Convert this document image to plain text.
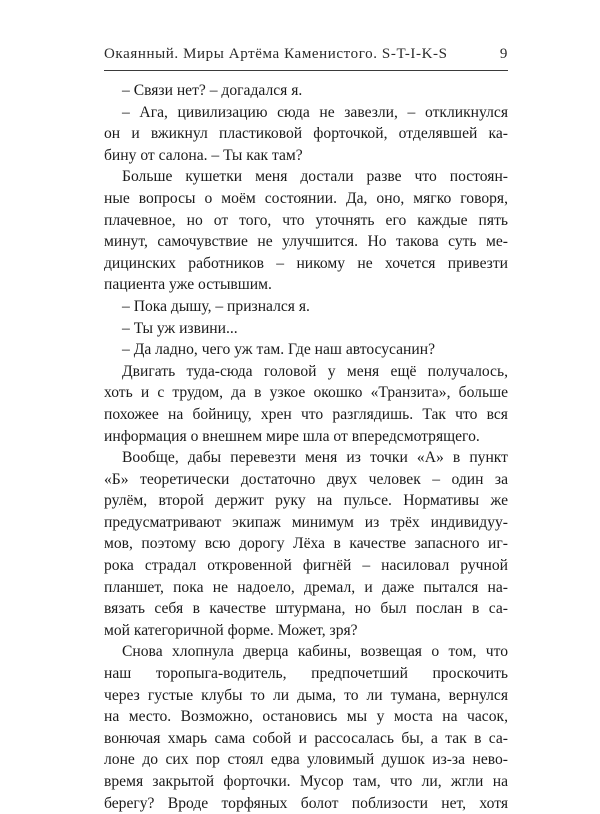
Окаянный. Миры Артёма Каменистого. S-T-I-K-S	9
– Связи нет? – догадался я.
– Ага, цивилизацию сюда не завезли, – откликнулся
он и вжикнул пластиковой форточкой, отделявшей ка-
бину от салона. – Ты как там?
Больше кушетки меня достали разве что постоян-
ные вопросы о моём состоянии. Да, оно, мягко говоря,
плачевное, но от того, что уточнять его каждые пять
минут, самочувствие не улучшится. Но такова суть ме-
дицинских работников – никому не хочется привезти
пациента уже остывшим.
– Пока дышу, – признался я.
– Ты уж извини...
– Да ладно, чего уж там. Где наш автосусанин?
Двигать туда-сюда головой у меня ещё получалось,
хоть и с трудом, да в узкое окошко «Транзита», больше
похожее на бойницу, хрен что разглядишь. Так что вся
информация о внешнем мире шла от впередсмотрящего.
Вообще, дабы перевезти меня из точки «А» в пункт
«Б» теоретически достаточно двух человек – один за
рулём, второй держит руку на пульсе. Нормативы же
предусматривают экипаж минимум из трёх индивидуу-
мов, поэтому всю дорогу Лёха в качестве запасного иг-
рока страдал откровенной фигнёй – насиловал ручной
планшет, пока не надоело, дремал, и даже пытался на-
вязать себя в качестве штурмана, но был послан в са-
мой категоричной форме. Может, зря?
Снова хлопнула дверца кабины, возвещая о том, что
наш торопыга-водитель, предпочетший проскочить
через густые клубы то ли дыма, то ли тумана, вернулся
на место. Возможно, остановись мы у моста на часок,
вонючая хмарь сама собой и рассосалась бы, а так в са-
лоне до сих пор стоял едва уловимый душок из-за нево-
время закрытой форточки. Мусор там, что ли, жгли на
берегу? Вроде торфяных болот поблизости нет, хотя
